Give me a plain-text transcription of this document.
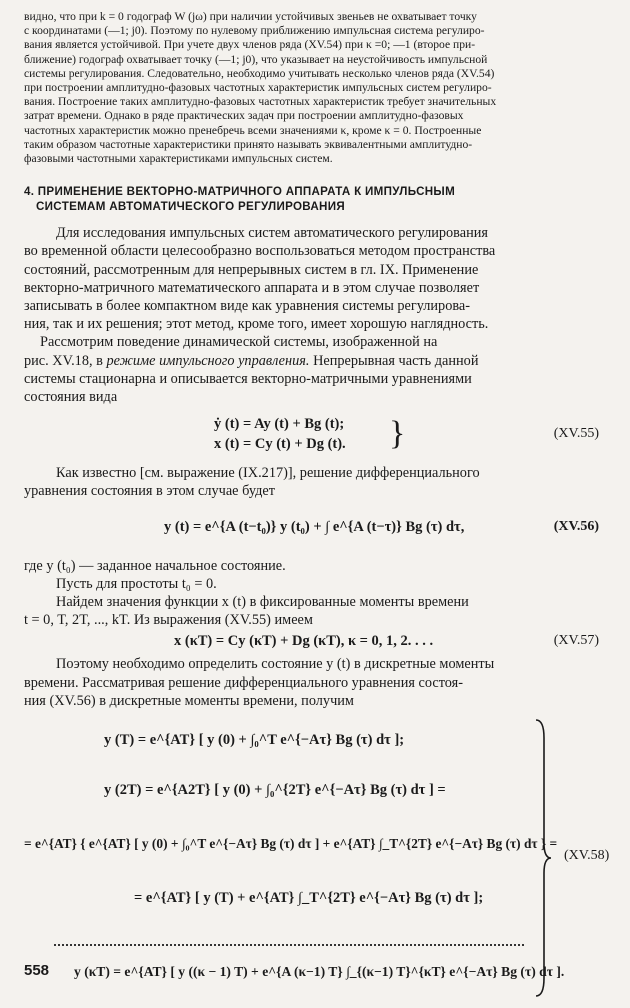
видно, что при k = 0 годограф W (jω) при наличии устойчивых звеньев не охватывает точку
с координатами (—1; j0). Поэтому по нулевому приближению импульсная система регулиро-
вания является устойчивой. При учете двух членов ряда (XV.54) при κ =0; —1 (второе при-
ближение) годограф охватывает точку (—1; j0), что указывает на неустойчивость импульсной
системы регулирования. Следовательно, необходимо учитывать несколько членов ряда (XV.54)
при построении амплитудно-фазовых частотных характеристик импульсных систем регулиро-
вания. Построение таких амплитудно-фазовых частотных характеристик требует значительных
затрат времени. Однако в ряде практических задач при построении амплитудно-фазовых
частотных характеристик можно пренебречь всеми значениями κ, кроме κ = 0. Построенные
таким образом частотные характеристики принято называть эквивалентными амплитудно-
фазовыми частотными характеристиками импульсных систем.

4. ПРИМЕНЕНИЕ ВЕКТОРНО-МАТРИЧНОГО АППАРАТА К ИМПУЛЬСНЫМ
СИСТЕМАМ АВТОМАТИЧЕСКОГО РЕГУЛИРОВАНИЯ

Для исследования импульсных систем автоматического регулирования
во временной области целесообразно воспользоваться методом пространства
состояний, рассмотренным для непрерывных систем в гл. IX. Применение
векторно-матричного математического аппарата и в этом случае позволяет
записывать в более компактном виде как уравнения системы регулирова-
ния, так и их решения; этот метод, кроме того, имеет хорошую наглядность.

Рассмотрим поведение динамической системы, изображенной на
рис. XV.18, в режиме импульсного управления. Непрерывная часть данной
системы стационарна и описывается векторно-матричными уравнениями
состояния вида

ẏ (t) = Ay (t) + Bg (t);
x (t) = Cy (t) + Dg (t). }	(XV.55)

Как известно [см. выражение (IX.217)], решение дифференциального
уравнения состояния в этом случае будет

y (t) = e^{A (t−t₀)} y (t₀) + ∫ e^{A (t−τ)} Bg (τ) dτ,	(XV.56)

где y (t₀) — заданное начальное состояние.
Пусть для простоты t₀ = 0.
Найдем значения функции x (t) в фиксированные моменты времени
t = 0, T, 2T, ..., kT. Из выражения (XV.55) имеем

x (κT) = Cy (κT) + Dg (κT), κ = 0, 1, 2. . . .	(XV.57)

Поэтому необходимо определить состояние y (t) в дискретные моменты
времени. Рассматривая решение дифференциального уравнения состоя-
ния (XV.56) в дискретные моменты времени, получим

y (T) = e^{AT} [ y (0) + ∫₀^T e^{−Aτ} Bg (τ) dτ ];
y (2T) = e^{A2T} [ y (0) + ∫₀^{2T} e^{−Aτ} Bg (τ) dτ ] =
= e^{AT} { e^{AT} [ y (0) + ∫₀^T e^{−Aτ} Bg (τ) dτ ] + e^{AT} ∫_T^{2T} e^{−Aτ} Bg (τ) dτ } =
= e^{AT} [ y (T) + e^{AT} ∫_T^{2T} e^{−Aτ} Bg (τ) dτ ];
y (κT) = e^{AT} [ y ((κ − 1) T) + e^{A (κ−1) T} ∫_{(κ−1) T}^{κT} e^{−Aτ} Bg (τ) dτ ].
(XV.58)
558
